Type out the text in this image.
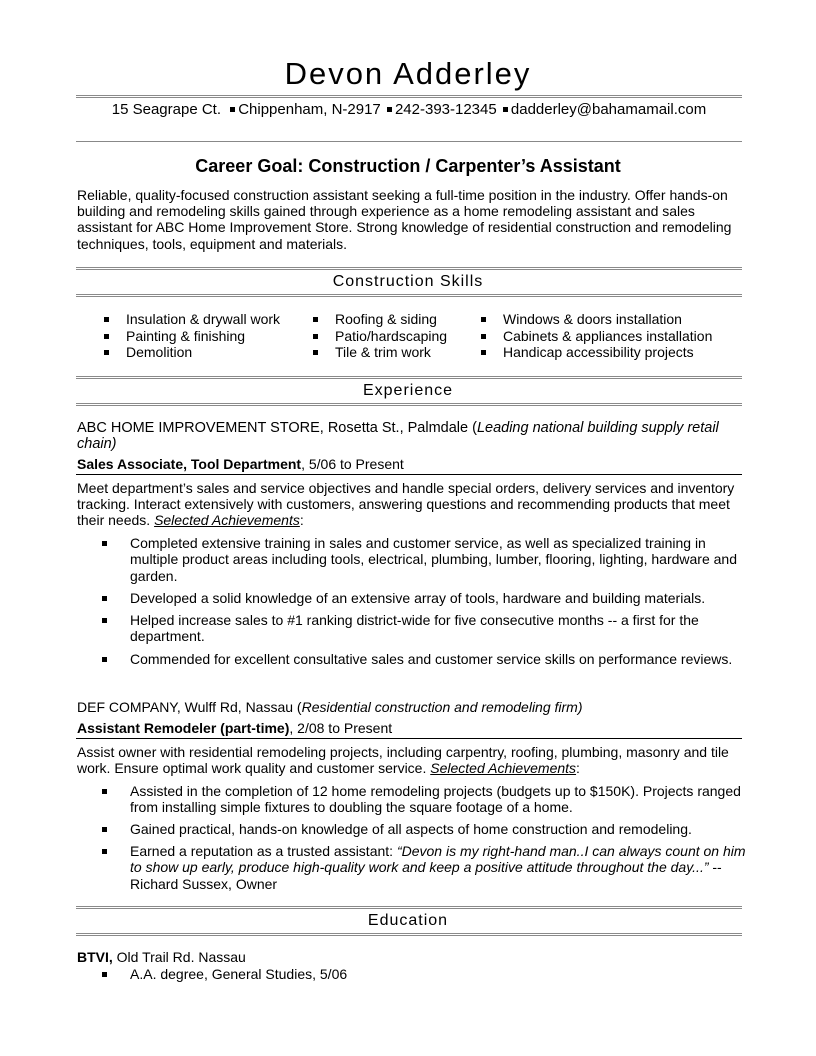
Devon Adderley
15 Seagrape Ct. Chippenham, N-2917 242-393-12345 dadderley@bahamamail.com
Career Goal: Construction / Carpenter’s Assistant
Reliable, quality-focused construction assistant seeking a full-time position in the industry. Offer hands-on building and remodeling skills gained through experience as a home remodeling assistant and sales assistant for ABC Home Improvement Store. Strong knowledge of residential construction and remodeling techniques, tools, equipment and materials.
Construction Skills
Insulation & drywall work
Painting & finishing
Demolition
Roofing & siding
Patio/hardscaping
Tile & trim work
Windows & doors installation
Cabinets & appliances installation
Handicap accessibility projects
Experience
ABC HOME IMPROVEMENT STORE, Rosetta St., Palmdale (Leading national building supply retail chain)
Sales Associate, Tool Department, 5/06 to Present
Meet department’s sales and service objectives and handle special orders, delivery services and inventory tracking. Interact extensively with customers, answering questions and recommending products that meet their needs. Selected Achievements:
Completed extensive training in sales and customer service, as well as specialized training in multiple product areas including tools, electrical, plumbing, lumber, flooring, lighting, hardware and garden.
Developed a solid knowledge of an extensive array of tools, hardware and building materials.
Helped increase sales to #1 ranking district-wide for five consecutive months -- a first for the department.
Commended for excellent consultative sales and customer service skills on performance reviews.
DEF COMPANY, Wulff Rd, Nassau (Residential construction and remodeling firm)
Assistant Remodeler (part-time), 2/08 to Present
Assist owner with residential remodeling projects, including carpentry, roofing, plumbing, masonry and tile work. Ensure optimal work quality and customer service. Selected Achievements:
Assisted in the completion of 12 home remodeling projects (budgets up to $150K). Projects ranged from installing simple fixtures to doubling the square footage of a home.
Gained practical, hands-on knowledge of all aspects of home construction and remodeling.
Earned a reputation as a trusted assistant: “Devon is my right-hand man..I can always count on him to show up early, produce high-quality work and keep a positive attitude throughout the day...” -- Richard Sussex, Owner
Education
BTVI, Old Trail Rd. Nassau
A.A. degree, General Studies, 5/06
